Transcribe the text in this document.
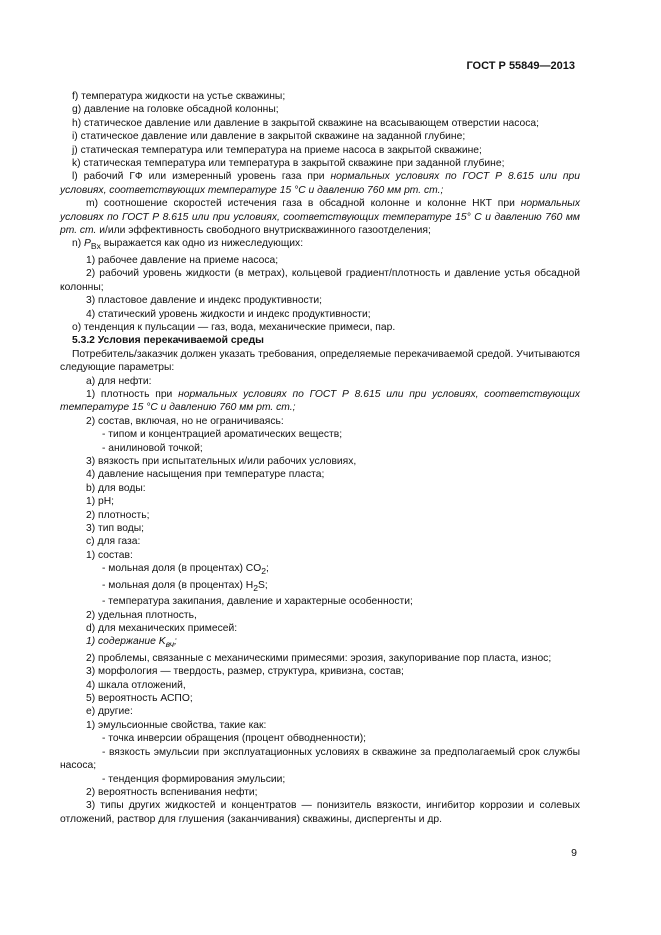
ГОСТ Р 55849—2013

f) температура жидкости на устье скважины;

g) давление на головке обсадной колонны;

h) статическое давление или давление в закрытой скважине на всасывающем отверстии насоса;

i) статическое давление или давление в закрытой скважине на заданной глубине;

j) статическая температура или температура на приеме насоса в закрытой скважине;

k) статическая температура или температура в закрытой скважине при заданной глубине;

l) рабочий ГФ или измеренный уровень газа при нормальных условиях по ГОСТ Р 8.615 или при условиях, соответствующих температуре 15 °С и давлению 760 мм рт. ст.;

m) соотношение скоростей истечения газа в обсадной колонне и колонне НКТ при нормальных условиях по ГОСТ Р 8.615 или при условиях, соответствующих температуре 15° С и давлению 760 мм рт. ст. и/или эффективность свободного внутрискважинного газоотделения;

n) $P_{Bx}$ выражается как одно из нижеследующих:

1) рабочее давление на приеме насоса;

2) рабочий уровень жидкости (в метрах), кольцевой градиент/плотность и давление устья обсадной колонны;

3) пластовое давление и индекс продуктивности;

4) статический уровень жидкости и индекс продуктивности;

o) тенденция к пульсации — газ, вода, механические примеси, пар.

5.3.2 Условия перекачиваемой среды

Потребитель/заказчик должен указать требования, определяемые перекачиваемой средой. Учитываются следующие параметры:

a) для нефти:

1) плотность при нормальных условиях по ГОСТ Р 8.615 или при условиях, соответствующих температуре 15 °С и давлению 760 мм рт. ст.;

2) состав, включая, но не ограничиваясь:

- типом и концентрацией ароматических веществ;

- анилиновой точкой;

3) вязкость при испытательных и/или рабочих условиях,

4) давление насыщения при температуре пласта;

b) для воды:

1) pH;

2) плотность;

3) тип воды;

c) для газа:

1) состав:

- мольная доля (в процентах) $CO_2$;

- мольная доля (в процентах) $H_2S$;

- температура закипания, давление и характерные особенности;

2) удельная плотность,

d) для механических примесей:

1) содержание $K_{вч}$;

2) проблемы, связанные с механическими примесями: эрозия, закупоривание пор пласта, износ;

3) морфология — твердость, размер, структура, кривизна, состав;

4) шкала отложений,

5) вероятность АСПО;

e) другие:

1) эмульсионные свойства, такие как:

- точка инверсии обращения (процент обводненности);

- вязкость эмульсии при эксплуатационных условиях в скважине за предполагаемый срок службы насоса;

- тенденция формирования эмульсии;

2) вероятность вспенивания нефти;

3) типы других жидкостей и концентратов — понизитель вязкости, ингибитор коррозии и солевых отложений, раствор для глушения (заканчивания) скважины, диспергенты и др.

9
